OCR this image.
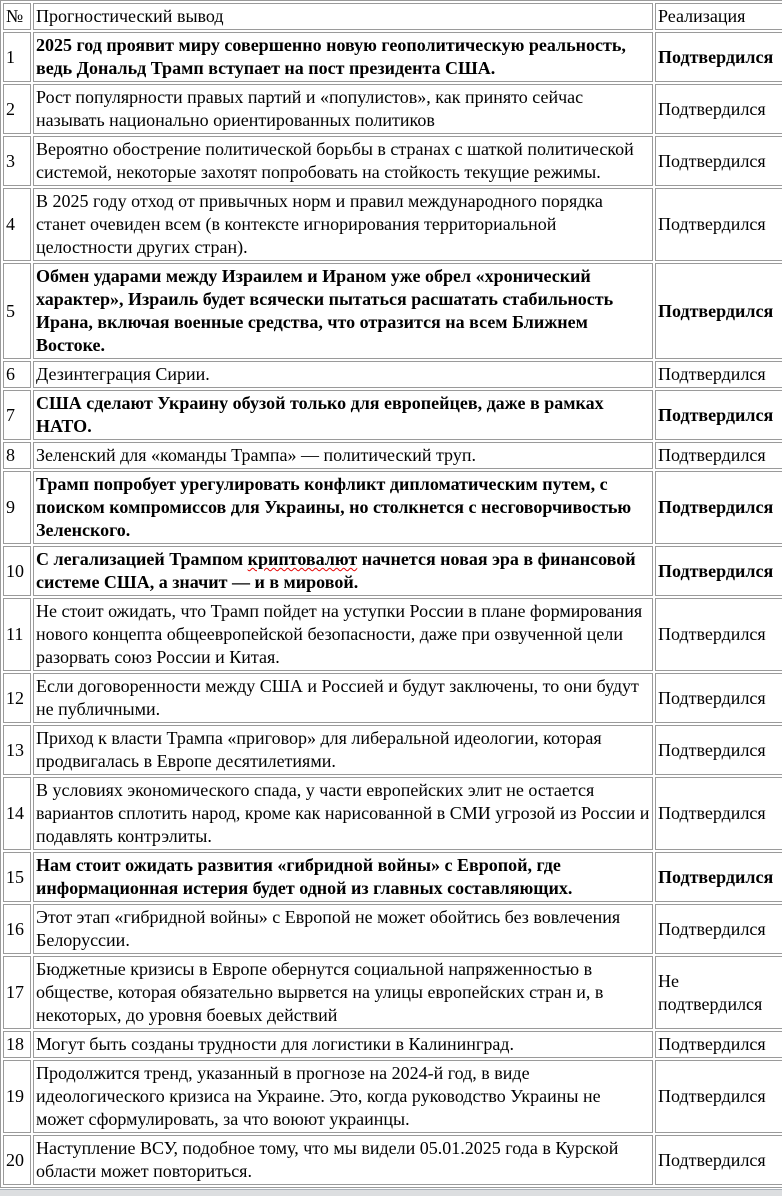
№	Прогностический вывод	Реализация
1	2025 год проявит миру совершенно новую геополитическую реальность, ведь Дональд Трамп вступает на пост президента США.	Подтвердился
2	Рост популярности правых партий и «популистов», как принято сейчас называть национально ориентированных политиков	Подтвердился
3	Вероятно обострение политической борьбы в странах с шаткой политической системой, некоторые захотят попробовать на стойкость текущие режимы.	Подтвердился
4	В 2025 году отход от привычных норм и правил международного порядка станет очевиден всем (в контексте игнорирования территориальной целостности других стран).	Подтвердился
5	Обмен ударами между Израилем и Ираном уже обрел «хронический характер», Израиль будет всячески пытаться расшатать стабильность Ирана, включая военные средства, что отразится на всем Ближнем Востоке.	Подтвердился
6	Дезинтеграция Сирии.	Подтвердился
7	США сделают Украину обузой только для европейцев, даже в рамках НАТО.	Подтвердился
8	Зеленский для «команды Трампа» — политический труп.	Подтвердился
9	Трамп попробует урегулировать конфликт дипломатическим путем, с поиском компромиссов для Украины, но столкнется с несговорчивостью Зеленского.	Подтвердился
10	С легализацией Трампом криптовалют начнется новая эра в финансовой системе США, а значит — и в мировой.	Подтвердился
11	Не стоит ожидать, что Трамп пойдет на уступки России в плане формирования нового концепта общеевропейской безопасности, даже при озвученной цели разорвать союз России и Китая.	Подтвердился
12	Если договоренности между США и Россией и будут заключены, то они будут не публичными.	Подтвердился
13	Приход к власти Трампа «приговор» для либеральной идеологии, которая продвигалась в Европе десятилетиями.	Подтвердился
14	В условиях экономического спада, у части европейских элит не остается вариантов сплотить народ, кроме как нарисованной в СМИ угрозой из России и подавлять контрэлиты.	Подтвердился
15	Нам стоит ожидать развития «гибридной войны» с Европой, где информационная истерия будет одной из главных составляющих.	Подтвердился
16	Этот этап «гибридной войны» с Европой не может обойтись без вовлечения Белоруссии.	Подтвердился
17	Бюджетные кризисы в Европе обернутся социальной напряженностью в обществе, которая обязательно вырвется на улицы европейских стран и, в некоторых, до уровня боевых действий	Не подтвердился
18	Могут быть созданы трудности для логистики в Калининград.	Подтвердился
19	Продолжится тренд, указанный в прогнозе на 2024-й год, в виде идеологического кризиса на Украине. Это, когда руководство Украины не может сформулировать, за что воюют украинцы.	Подтвердился
20	Наступление ВСУ, подобное тому, что мы видели 05.01.2025 года в Курской области может повториться.	Подтвердился
